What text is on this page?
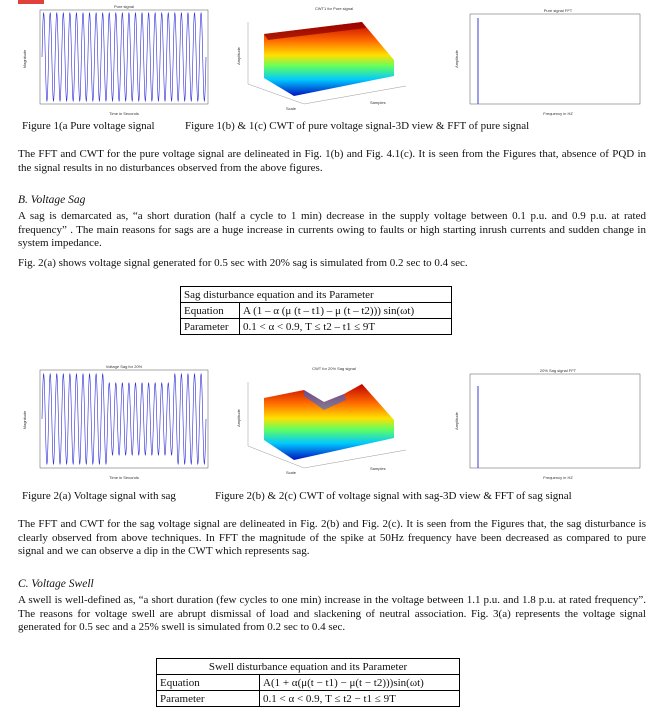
Pure signal
Magnitude
Time in Seconds
CWT1 for Pure signal
Amplitude
Scale
Samples
Pure signal FFT
Amplitude
Frequency in HZ
Figure 1(a Pure voltage signal	Figure 1(b) & 1(c) CWT of pure voltage signal-3D view & FFT of pure signal
The FFT and CWT for the pure voltage signal are delineated in Fig. 1(b) and Fig. 4.1(c). It is seen from the Figures that, absence of PQD in the signal results in no disturbances observed from the above figures.
B. Voltage Sag
A sag is demarcated as, “a short duration (half a cycle to 1 min) decrease in the supply voltage between 0.1 p.u. and 0.9 p.u. at rated frequency” . The main reasons for sags are a huge increase in currents owing to faults or high starting inrush currents and sudden change in system impedance.
Fig. 2(a) shows voltage signal generated for 0.5 sec with 20% sag is simulated from 0.2 sec to 0.4 sec.
Sag disturbance equation and its Parameter	
Equation	A (1 – α (μ (t – t1) – μ (t – t2))) sin(ωt)
Parameter	0.1 < α < 0.9, T ≤ t2 – t1 ≤ 9T
Voltage Sag for 20%
Magnitude
Time in Seconds
CWT for 20% Sag signal
Amplitude
Scale
Samples
20% Sag signal FFT
Amplitude
Frequency in HZ
Figure 2(a) Voltage signal with sag	Figure 2(b) & 2(c) CWT of voltage signal with sag-3D view & FFT of sag signal
The FFT and CWT for the sag voltage signal are delineated in Fig. 2(b) and Fig. 2(c). It is seen from the Figures that, the sag disturbance is clearly observed from above techniques. In FFT the magnitude of the spike at 50Hz frequency have been decreased as compared to pure signal and we can observe a dip in the CWT which represents sag.
C. Voltage Swell
A swell is well-defined as, “a short duration (few cycles to one min) increase in the voltage between 1.1 p.u. and 1.8 p.u. at rated frequency”. The reasons for voltage swell are abrupt dismissal of load and slackening of neutral association. Fig. 3(a) represents the voltage signal generated for 0.5 sec and a 25% swell is simulated from 0.2 sec to 0.4 sec.
Swell disturbance equation and its Parameter	
Equation	A(1 + α(μ(t − t1) − μ(t − t2)))sin(ωt)
Parameter	0.1 < α < 0.9, T ≤ t2 − t1 ≤ 9T
